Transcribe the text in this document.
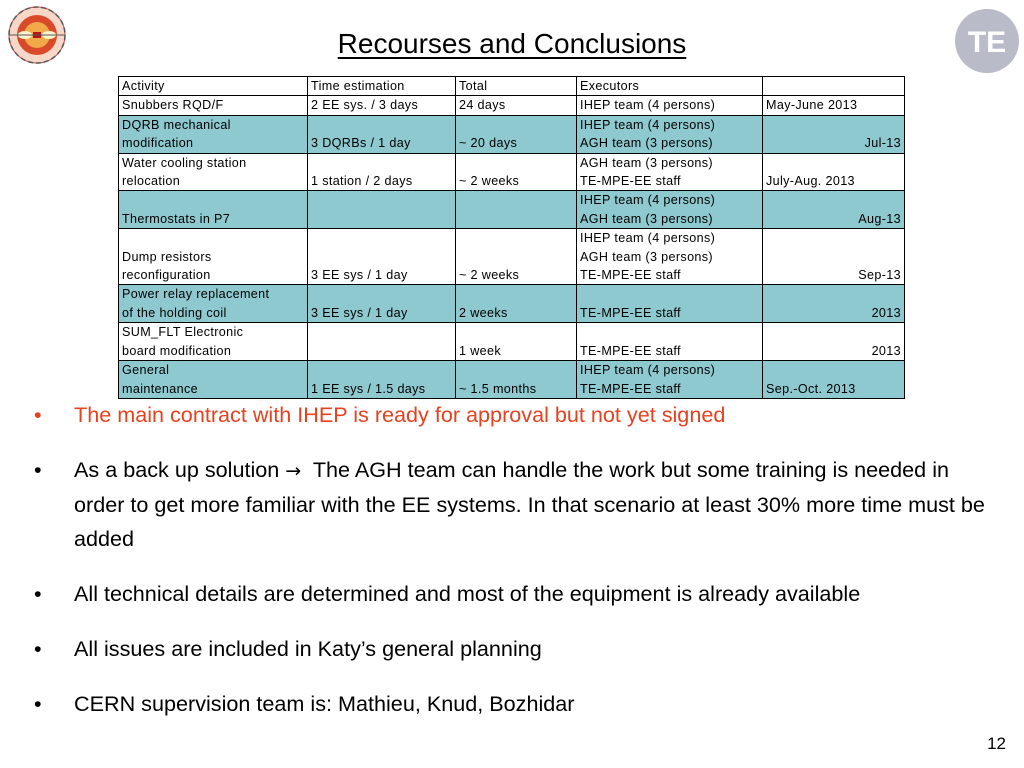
TE
Recourses and Conclusions
Activity	Time estimation	Total	Executors	

Snubbers RQD/F	2 EE sys. / 3 days	24 days	IHEP team (4 persons)	May-June 2013

DQRB mechanical
modification	3 DQRBs / 1 day	~ 20 days	IHEP team (4 persons)
AGH team (3 persons)	Jul-13

Water cooling station
relocation	1 station / 2 days	~ 2 weeks	AGH team (3 persons)
TE-MPE-EE staff	July-Aug. 2013

Thermostats in P7			IHEP team (4 persons)
AGH team (3 persons)	Aug-13

Dump resistors
reconfiguration	3 EE sys / 1 day	~ 2 weeks	IHEP team (4 persons)
AGH team (3 persons)
TE-MPE-EE staff	Sep-13

Power relay replacement
of the holding coil	3 EE sys / 1 day	2 weeks	TE-MPE-EE staff	2013

SUM_FLT Electronic
board modification		1 week	TE-MPE-EE staff	2013

General
maintenance	1 EE sys / 1.5 days	~ 1.5 months	IHEP team (4 persons)
TE-MPE-EE staff	Sep.-Oct. 2013
• The main contract with IHEP is ready for approval but not yet signed
• As a back up solution → The AGH team can handle the work but some training is needed in order to get more familiar with the EE systems. In that scenario at least 30% more time must be added
• All technical details are determined and most of the equipment is already available
• All issues are included in Katy’s general planning
• CERN supervision team is: Mathieu, Knud, Bozhidar
12
